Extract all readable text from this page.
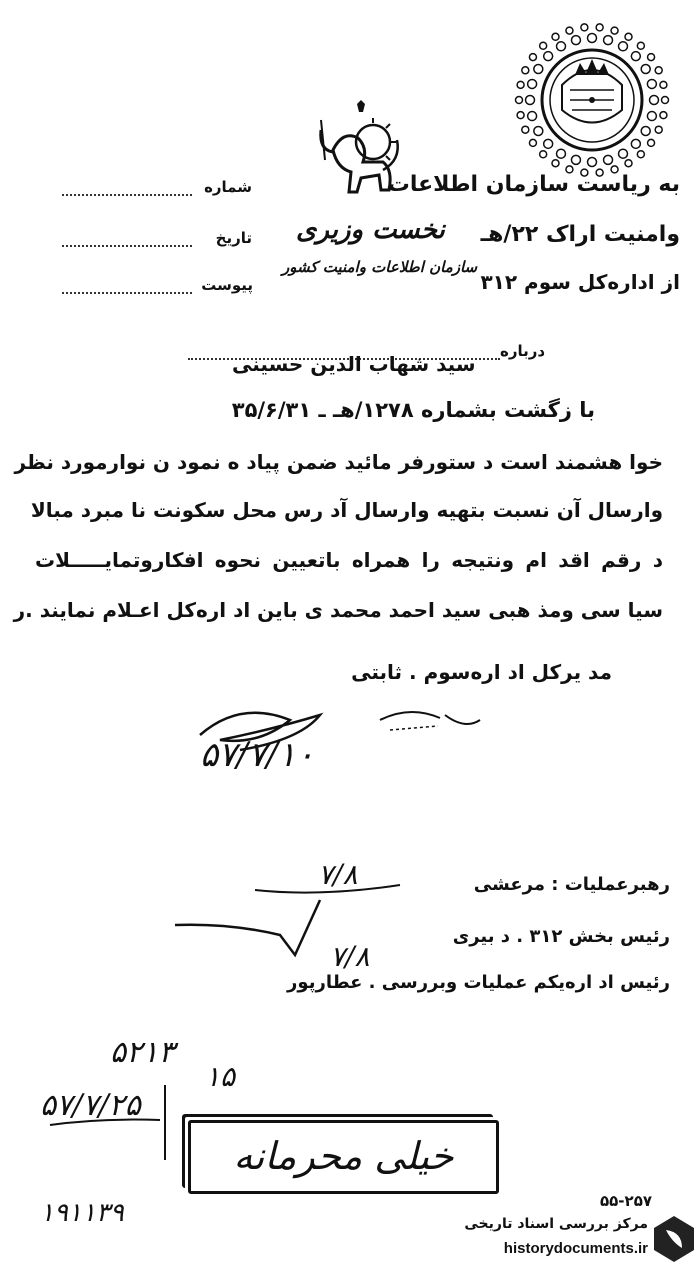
شماره
تاریخ
پیوست
نخست وزیری
سازمان اطلاعات وامنیت کشور
به ریاست سازمان اطلاعات
وامنیت اراک ۲۲/هـ
از اداره‌کل سوم ۳۱۲
درباره
سید شهاب الدین حسینی
با زگشت بشماره ۱۲۷۸/هـ ـ ۳۵/۶/۳۱
خوا هشمند است د ستورفر مائید ضمن پیاد ه نمود ن نوارمورد نظر
وارسال آن نسبت بتهیه وارسال آد رس محل سکونت نا مبرد مبالا
د رقم اقد ام ونتیجه را همراه باتعیین نحوه افکاروتمایـــــلات
سیا سی ومذ هبی سید احمد محمد ی باین اد اره‌کل اعـلام نمایند .ر
مد یرکل اد اره‌سوم . ثابتی
۵۷/۷/۱۰
رهبرعملیات : مرعشی
۷/۸
رئیس بخش ۳۱۲ . د بیری
رئیس اد اره‌یکم عملیات وبررسی . عطارپور
۷/۸
۵۲۱۳
۱۵
۵۷/۷/۲۵
خیلی محرمانه
۱۹۱۱۳۹	۵۵-۲۵۷
مرکز بررسی اسناد تاریخی
historydocuments.ir
